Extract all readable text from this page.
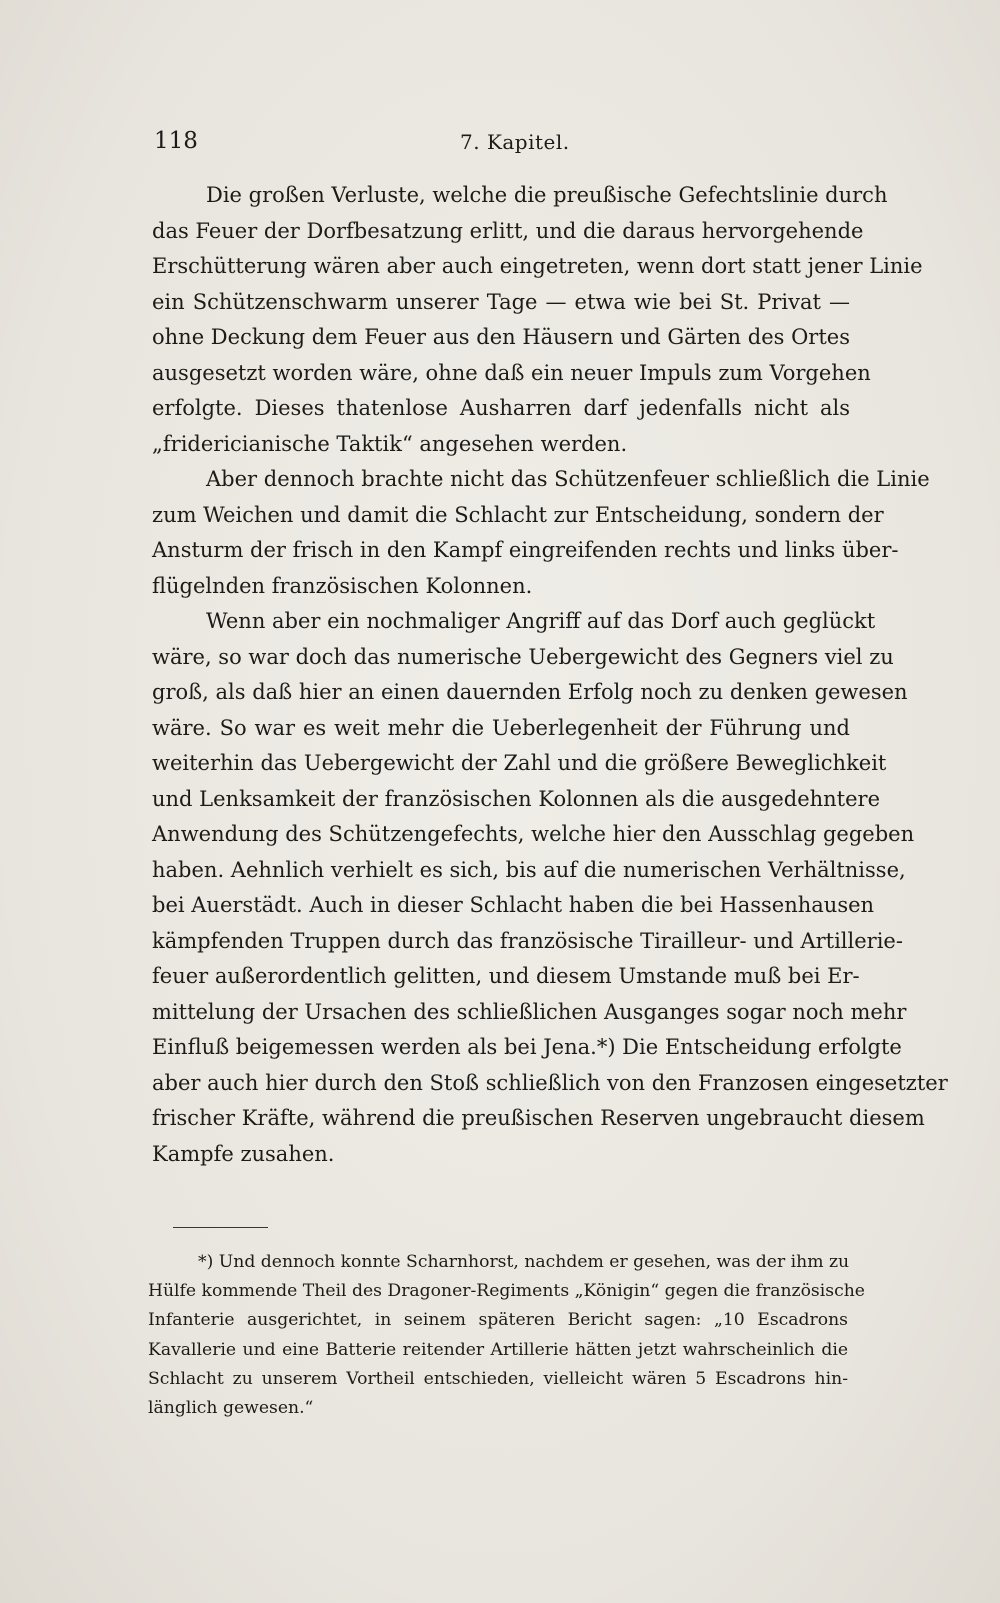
118	7. Kapitel.
Die großen Verluste, welche die preußische Gefechtslinie durch
das Feuer der Dorfbesatzung erlitt, und die daraus hervorgehende
Erschütterung wären aber auch eingetreten, wenn dort statt jener Linie
ein Schützenschwarm unserer Tage — etwa wie bei St. Privat —
ohne Deckung dem Feuer aus den Häusern und Gärten des Ortes
ausgesetzt worden wäre, ohne daß ein neuer Impuls zum Vorgehen
erfolgte. Dieses thatenlose Ausharren darf jedenfalls nicht als
„fridericianische Taktik“ angesehen werden.
Aber dennoch brachte nicht das Schützenfeuer schließlich die Linie
zum Weichen und damit die Schlacht zur Entscheidung, sondern der
Ansturm der frisch in den Kampf eingreifenden rechts und links über-
flügelnden französischen Kolonnen.
Wenn aber ein nochmaliger Angriff auf das Dorf auch geglückt
wäre, so war doch das numerische Uebergewicht des Gegners viel zu
groß, als daß hier an einen dauernden Erfolg noch zu denken gewesen
wäre. So war es weit mehr die Ueberlegenheit der Führung und
weiterhin das Uebergewicht der Zahl und die größere Beweglichkeit
und Lenksamkeit der französischen Kolonnen als die ausgedehntere
Anwendung des Schützengefechts, welche hier den Ausschlag gegeben
haben. Aehnlich verhielt es sich, bis auf die numerischen Verhältnisse,
bei Auerstädt. Auch in dieser Schlacht haben die bei Hassenhausen
kämpfenden Truppen durch das französische Tirailleur- und Artillerie-
feuer außerordentlich gelitten, und diesem Umstande muß bei Er-
mittelung der Ursachen des schließlichen Ausganges sogar noch mehr
Einfluß beigemessen werden als bei Jena.*) Die Entscheidung erfolgte
aber auch hier durch den Stoß schließlich von den Franzosen eingesetzter
frischer Kräfte, während die preußischen Reserven ungebraucht diesem
Kampfe zusahen.
*) Und dennoch konnte Scharnhorst, nachdem er gesehen, was der ihm zu
Hülfe kommende Theil des Dragoner-Regiments „Königin“ gegen die französische
Infanterie ausgerichtet, in seinem späteren Bericht sagen: „10 Escadrons
Kavallerie und eine Batterie reitender Artillerie hätten jetzt wahrscheinlich die
Schlacht zu unserem Vortheil entschieden, vielleicht wären 5 Escadrons hin-
länglich gewesen.“
